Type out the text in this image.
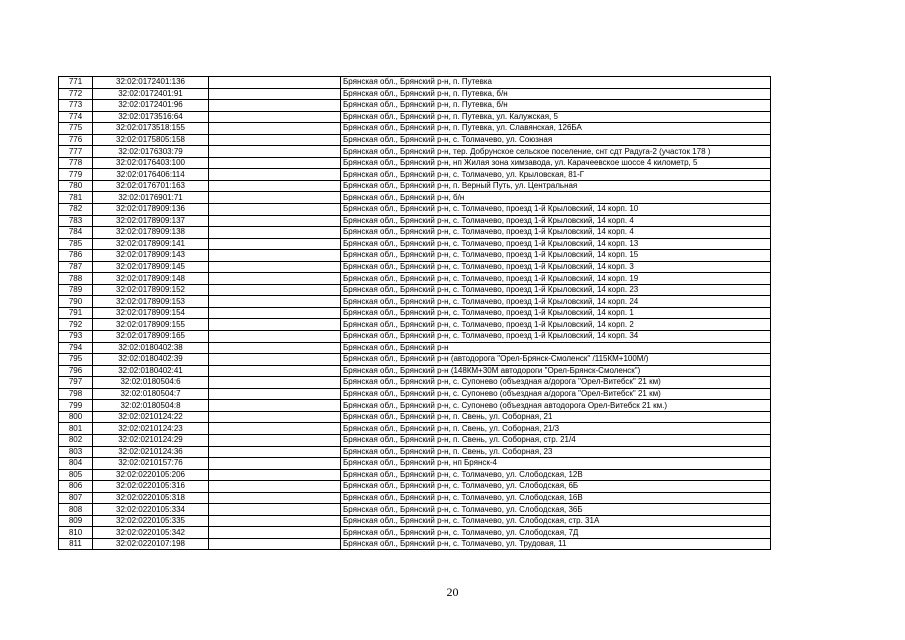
771	32:02:0172401:136		Брянская обл., Брянский р-н, п. Путевка
772	32:02:0172401:91		Брянская обл., Брянский р-н, п. Путевка, б/н
773	32:02:0172401:96		Брянская обл., Брянский р-н, п. Путевка, б/н
774	32:02:0173516:64		Брянская обл., Брянский р-н, п. Путевка, ул. Калужская, 5
775	32:02:0173518:155		Брянская обл., Брянский р-н, п. Путевка, ул. Славянская, 126БА
776	32:02:0175805:158		Брянская обл., Брянский р-н, с. Толмачево, ул. Союзная
777	32:02:0176303:79		Брянская обл., Брянский р-н, тер. Добрунское сельское поселение, снт сдт Радуга-2 (участок 178 )
778	32:02:0176403:100		Брянская обл., Брянский р-н, нп Жилая зона химзавода, ул. Карачеевское шоссе 4 километр, 5
779	32:02:0176406:114		Брянская обл., Брянский р-н, с. Толмачево, ул. Крыловская, 81-Г
780	32:02:0176701:163		Брянская обл., Брянский р-н, п. Верный Путь, ул. Центральная
781	32:02:0176901:71		Брянская обл., Брянский р-н, б/н
782	32:02:0178909:136		Брянская обл., Брянский р-н, с. Толмачево, проезд 1-й Крыловский, 14 корп. 10
783	32:02:0178909:137		Брянская обл., Брянский р-н, с. Толмачево, проезд 1-й Крыловский, 14 корп. 4
784	32:02:0178909:138		Брянская обл., Брянский р-н, с. Толмачево, проезд 1-й Крыловский, 14 корп. 4
785	32:02:0178909:141		Брянская обл., Брянский р-н, с. Толмачево, проезд 1-й Крыловский, 14 корп. 13
786	32:02:0178909:143		Брянская обл., Брянский р-н, с. Толмачево, проезд 1-й Крыловский, 14 корп. 15
787	32:02:0178909:145		Брянская обл., Брянский р-н, с. Толмачево, проезд 1-й Крыловский, 14 корп. 3
788	32:02:0178909:148		Брянская обл., Брянский р-н, с. Толмачево, проезд 1-й Крыловский, 14 корп. 19
789	32:02:0178909:152		Брянская обл., Брянский р-н, с. Толмачево, проезд 1-й Крыловский, 14 корп. 23
790	32:02:0178909:153		Брянская обл., Брянский р-н, с. Толмачево, проезд 1-й Крыловский, 14 корп. 24
791	32:02:0178909:154		Брянская обл., Брянский р-н, с. Толмачево, проезд 1-й Крыловский, 14 корп. 1
792	32:02:0178909:155		Брянская обл., Брянский р-н, с. Толмачево, проезд 1-й Крыловский, 14 корп. 2
793	32:02:0178909:165		Брянская обл., Брянский р-н, с. Толмачево, проезд 1-й Крыловский, 14 корп. 34
794	32:02:0180402:38		Брянская обл., Брянский р-н
795	32:02:0180402:39		Брянская обл., Брянский р-н (автодорога "Орел-Брянск-Смоленск" /115КМ+100М/)
796	32:02:0180402:41		Брянская обл., Брянский р-н (148КМ+30М автодороги "Орел-Брянск-Смоленск")
797	32:02:0180504:6		Брянская обл., Брянский р-н, с. Супонево (объездная а/дорога "Орел-Витебск" 21 км)
798	32:02:0180504:7		Брянская обл., Брянский р-н, с. Супонево (объездная а/дорога "Орел-Витебск" 21 км)
799	32:02:0180504:8		Брянская обл., Брянский р-н, с. Супонево (объездная автодорога Орел-Витебск 21 км.)
800	32:02:0210124:22		Брянская обл., Брянский р-н, п. Свень, ул. Соборная, 21
801	32:02:0210124:23		Брянская обл., Брянский р-н, п. Свень, ул. Соборная, 21/3
802	32:02:0210124:29		Брянская обл., Брянский р-н, п. Свень, ул. Соборная, стр. 21/4
803	32:02:0210124:36		Брянская обл., Брянский р-н, п. Свень, ул. Соборная, 23
804	32:02:0210157:76		Брянская обл., Брянский р-н, нп Брянск-4
805	32:02:0220105:206		Брянская обл., Брянский р-н, с. Толмачево, ул. Слободская, 12В
806	32:02:0220105:316		Брянская обл., Брянский р-н, с. Толмачево, ул. Слободская, 6Б
807	32:02:0220105:318		Брянская обл., Брянский р-н, с. Толмачево, ул. Слободская, 16В
808	32:02:0220105:334		Брянская обл., Брянский р-н, с. Толмачево, ул. Слободская, 36Б
809	32:02:0220105:335		Брянская обл., Брянский р-н, с. Толмачево, ул. Слободская, стр. 31А
810	32:02:0220105:342		Брянская обл., Брянский р-н, с. Толмачево, ул. Слободская, 7Д
811	32:02:0220107:198		Брянская обл., Брянский р-н, с. Толмачево, ул. Трудовая, 11
20
